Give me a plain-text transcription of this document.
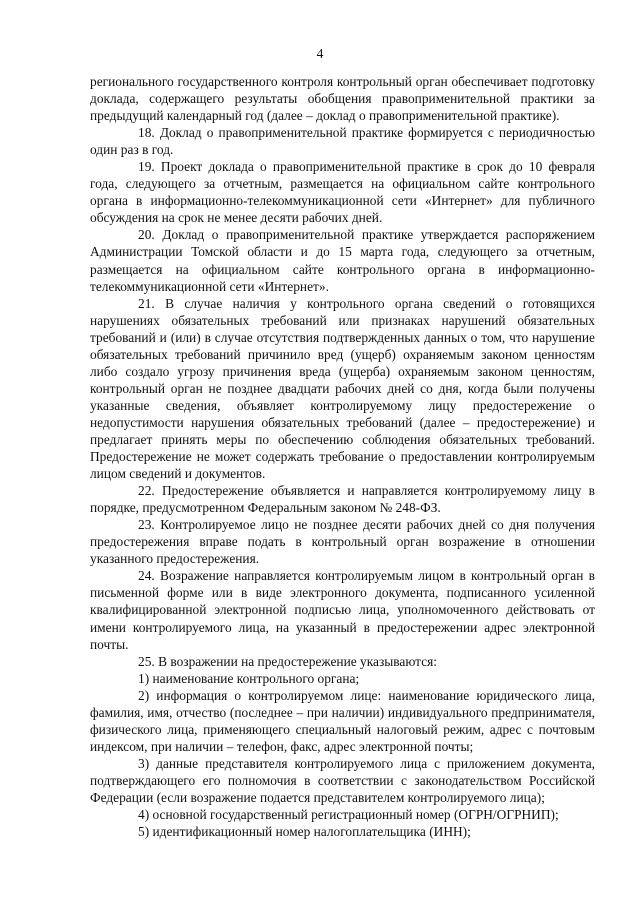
4

регионального государственного контроля контрольный орган обеспечивает подготовку доклада, содержащего результаты обобщения правоприменительной практики за предыдущий календарный год (далее – доклад о правоприменительной практике).

18. Доклад о правоприменительной практике формируется с периодичностью один раз в год.

19. Проект доклада о правоприменительной практике в срок до 10 февраля года, следующего за отчетным, размещается на официальном сайте контрольного органа в информационно-телекоммуникационной сети «Интернет» для публичного обсуждения на срок не менее десяти рабочих дней.

20. Доклад о правоприменительной практике утверждается распоряжением Администрации Томской области и до 15 марта года, следующего за отчетным, размещается на официальном сайте контрольного органа в информационно-телекоммуникационной сети «Интернет».

21. В случае наличия у контрольного органа сведений о готовящихся нарушениях обязательных требований или признаках нарушений обязательных требований и (или) в случае отсутствия подтвержденных данных о том, что нарушение обязательных требований причинило вред (ущерб) охраняемым законом ценностям либо создало угрозу причинения вреда (ущерба) охраняемым законом ценностям, контрольный орган не позднее двадцати рабочих дней со дня, когда были получены указанные сведения, объявляет контролируемому лицу предостережение о недопустимости нарушения обязательных требований (далее – предостережение) и предлагает принять меры по обеспечению соблюдения обязательных требований. Предостережение не может содержать требование о предоставлении контролируемым лицом сведений и документов.

22. Предостережение объявляется и направляется контролируемому лицу в порядке, предусмотренном Федеральным законом № 248-ФЗ.

23. Контролируемое лицо не позднее десяти рабочих дней со дня получения предостережения вправе подать в контрольный орган возражение в отношении указанного предостережения.

24. Возражение направляется контролируемым лицом в контрольный орган в письменной форме или в виде электронного документа, подписанного усиленной квалифицированной электронной подписью лица, уполномоченного действовать от имени контролируемого лица, на указанный в предостережении адрес электронной почты.

25. В возражении на предостережение указываются:

1) наименование контрольного органа;

2) информация о контролируемом лице: наименование юридического лица, фамилия, имя, отчество (последнее – при наличии) индивидуального предпринимателя, физического лица, применяющего специальный налоговый режим, адрес с почтовым индексом, при наличии – телефон, факс, адрес электронной почты;

3) данные представителя контролируемого лица с приложением документа, подтверждающего его полномочия в соответствии с законодательством Российской Федерации (если возражение подается представителем контролируемого лица);

4) основной государственный регистрационный номер (ОГРН/ОГРНИП);

5) идентификационный номер налогоплательщика (ИНН);
